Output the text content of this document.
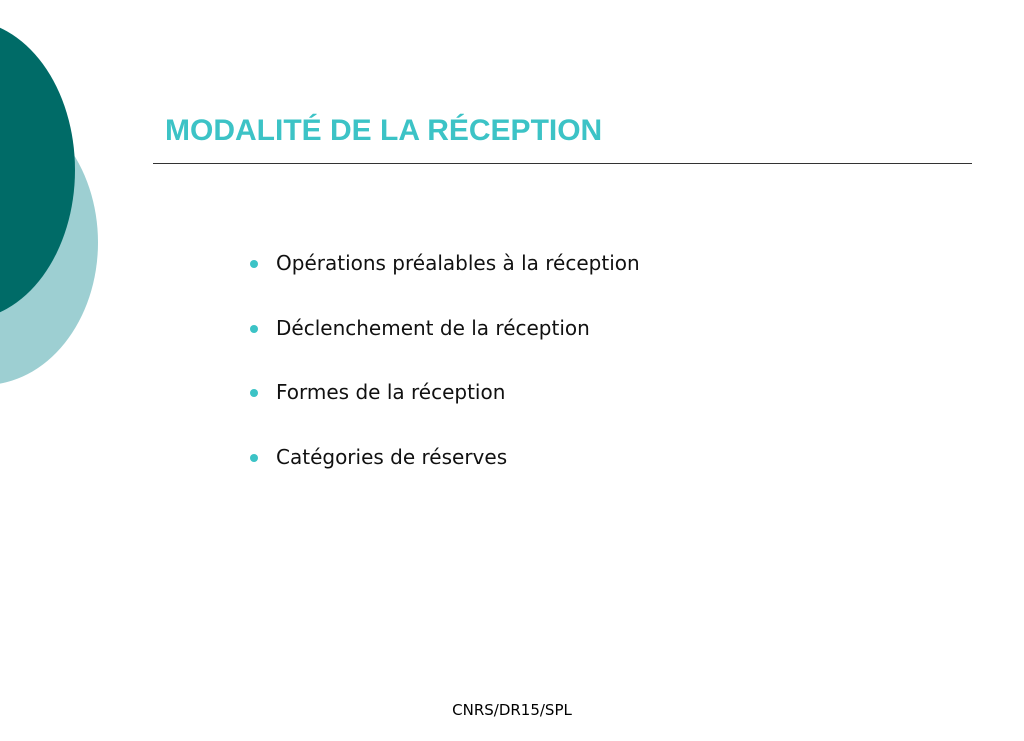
MODALITÉ DE LA RÉCEPTION
Opérations préalables à la réception
Déclenchement de la réception
Formes de la réception
Catégories de réserves
CNRS/DR15/SPL
